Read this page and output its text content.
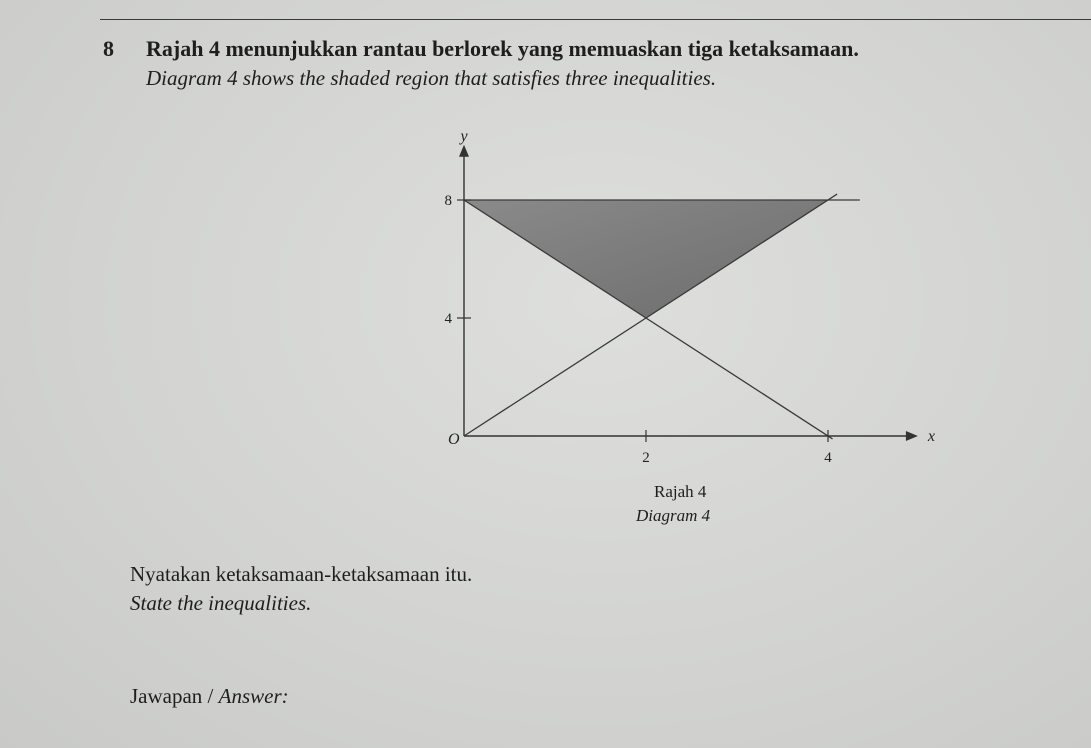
8 Rajah 4 menunjukkan rantau berlorek yang memuaskan tiga ketaksamaan.
Diagram 4 shows the shaded region that satisfies three inequalities.
2	4
4
8
x
y
O
Rajah 4
Diagram 4
Nyatakan ketaksamaan-ketaksamaan itu.
State the inequalities.
Jawapan / Answer:
